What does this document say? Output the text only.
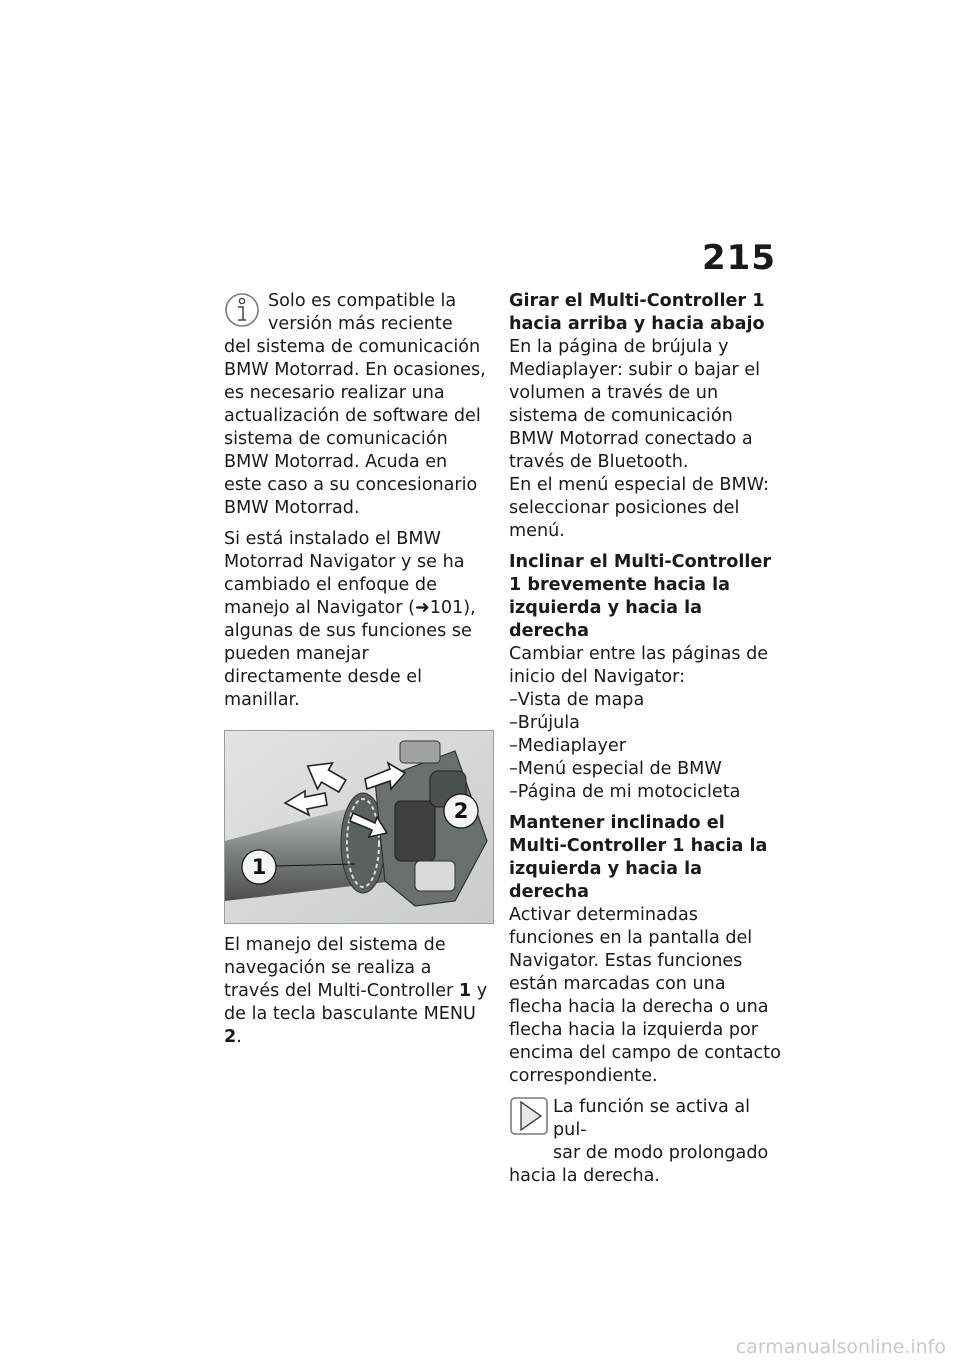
215

Solo es compatible la

versión más reciente

del sistema de comunicación BMW Motorrad. En ocasiones, es necesario realizar una actualización de software del sistema de comunicación BMW Motorrad. Acuda en este caso a su concesionario BMW Motorrad.

Si está instalado el BMW Motorrad Navigator y se ha cambiado el enfoque de manejo al Navigator (➜101), algunas de sus funciones se pueden manejar directamente desde el manillar.

1
2

El manejo del sistema de navegación se realiza a través del Multi-Controller 1 y de la tecla basculante MENU 2.

Girar el Multi-Controller 1 hacia arriba y hacia abajo

En la página de brújula y Mediaplayer: subir o bajar el volumen a través de un sistema de comunicación BMW Motorrad conectado a través de Bluetooth.

En el menú especial de BMW: seleccionar posiciones del menú.

Inclinar el Multi-Controller 1 brevemente hacia la izquierda y hacia la derecha

Cambiar entre las páginas de inicio del Navigator:

–Vista de mapa

–Brújula

–Mediaplayer

–Menú especial de BMW

–Página de mi motocicleta

Mantener inclinado el Multi-Controller 1 hacia la izquierda y hacia la derecha

Activar determinadas funciones en la pantalla del Navigator. Estas funciones están marcadas con una flecha hacia la derecha o una flecha hacia la izquierda por encima del campo de contacto correspondiente.

La función se activa al pul-

sar de modo prolongado

hacia la derecha.

carmanualsonline.info
